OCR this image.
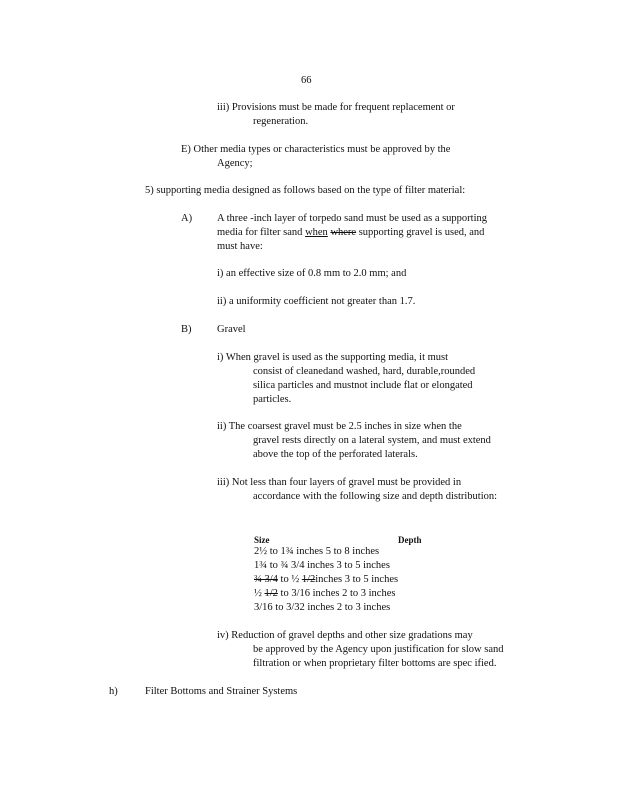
66
iii) Provisions must be made for frequent replacement or
regeneration.
E) Other media types or characteristics must be approved by the
Agency;
5) supporting media designed as follows based on the type of filter material:
A) A three -inch layer of torpedo sand must be used as a supporting
media for filter sand when where supporting gravel is used, and
must have:
i) an effective size of 0.8 mm to 2.0 mm; and
ii) a uniformity coefficient not greater than 1.7.
B) Gravel
i) When gravel is used as the supporting media, it must
consist of cleanedand washed, hard, durable,rounded
silica particles and mustnot include flat or elongated
particles.
ii) The coarsest gravel must be 2.5 inches in size when the
gravel rests directly on a lateral system, and must extend
above the top of the perforated laterals.
iii) Not less than four layers of gravel must be provided in
accordance with the following size and depth distribution:
Size	Depth
2½ to 1¾ inches 5 to 8 inches
1¾ to ¾ 3/4 inches 3 to 5 inches
¾ 3/4 to ½ 1/2inches 3 to 5 inches
½ 1/2 to 3/16 inches 2 to 3 inches
3/16 to 3/32 inches 2 to 3 inches
iv) Reduction of gravel depths and other size gradations may
be approved by the Agency upon justification for slow sand
filtration or when proprietary filter bottoms are spec ified.
h)	Filter Bottoms and Strainer Systems
